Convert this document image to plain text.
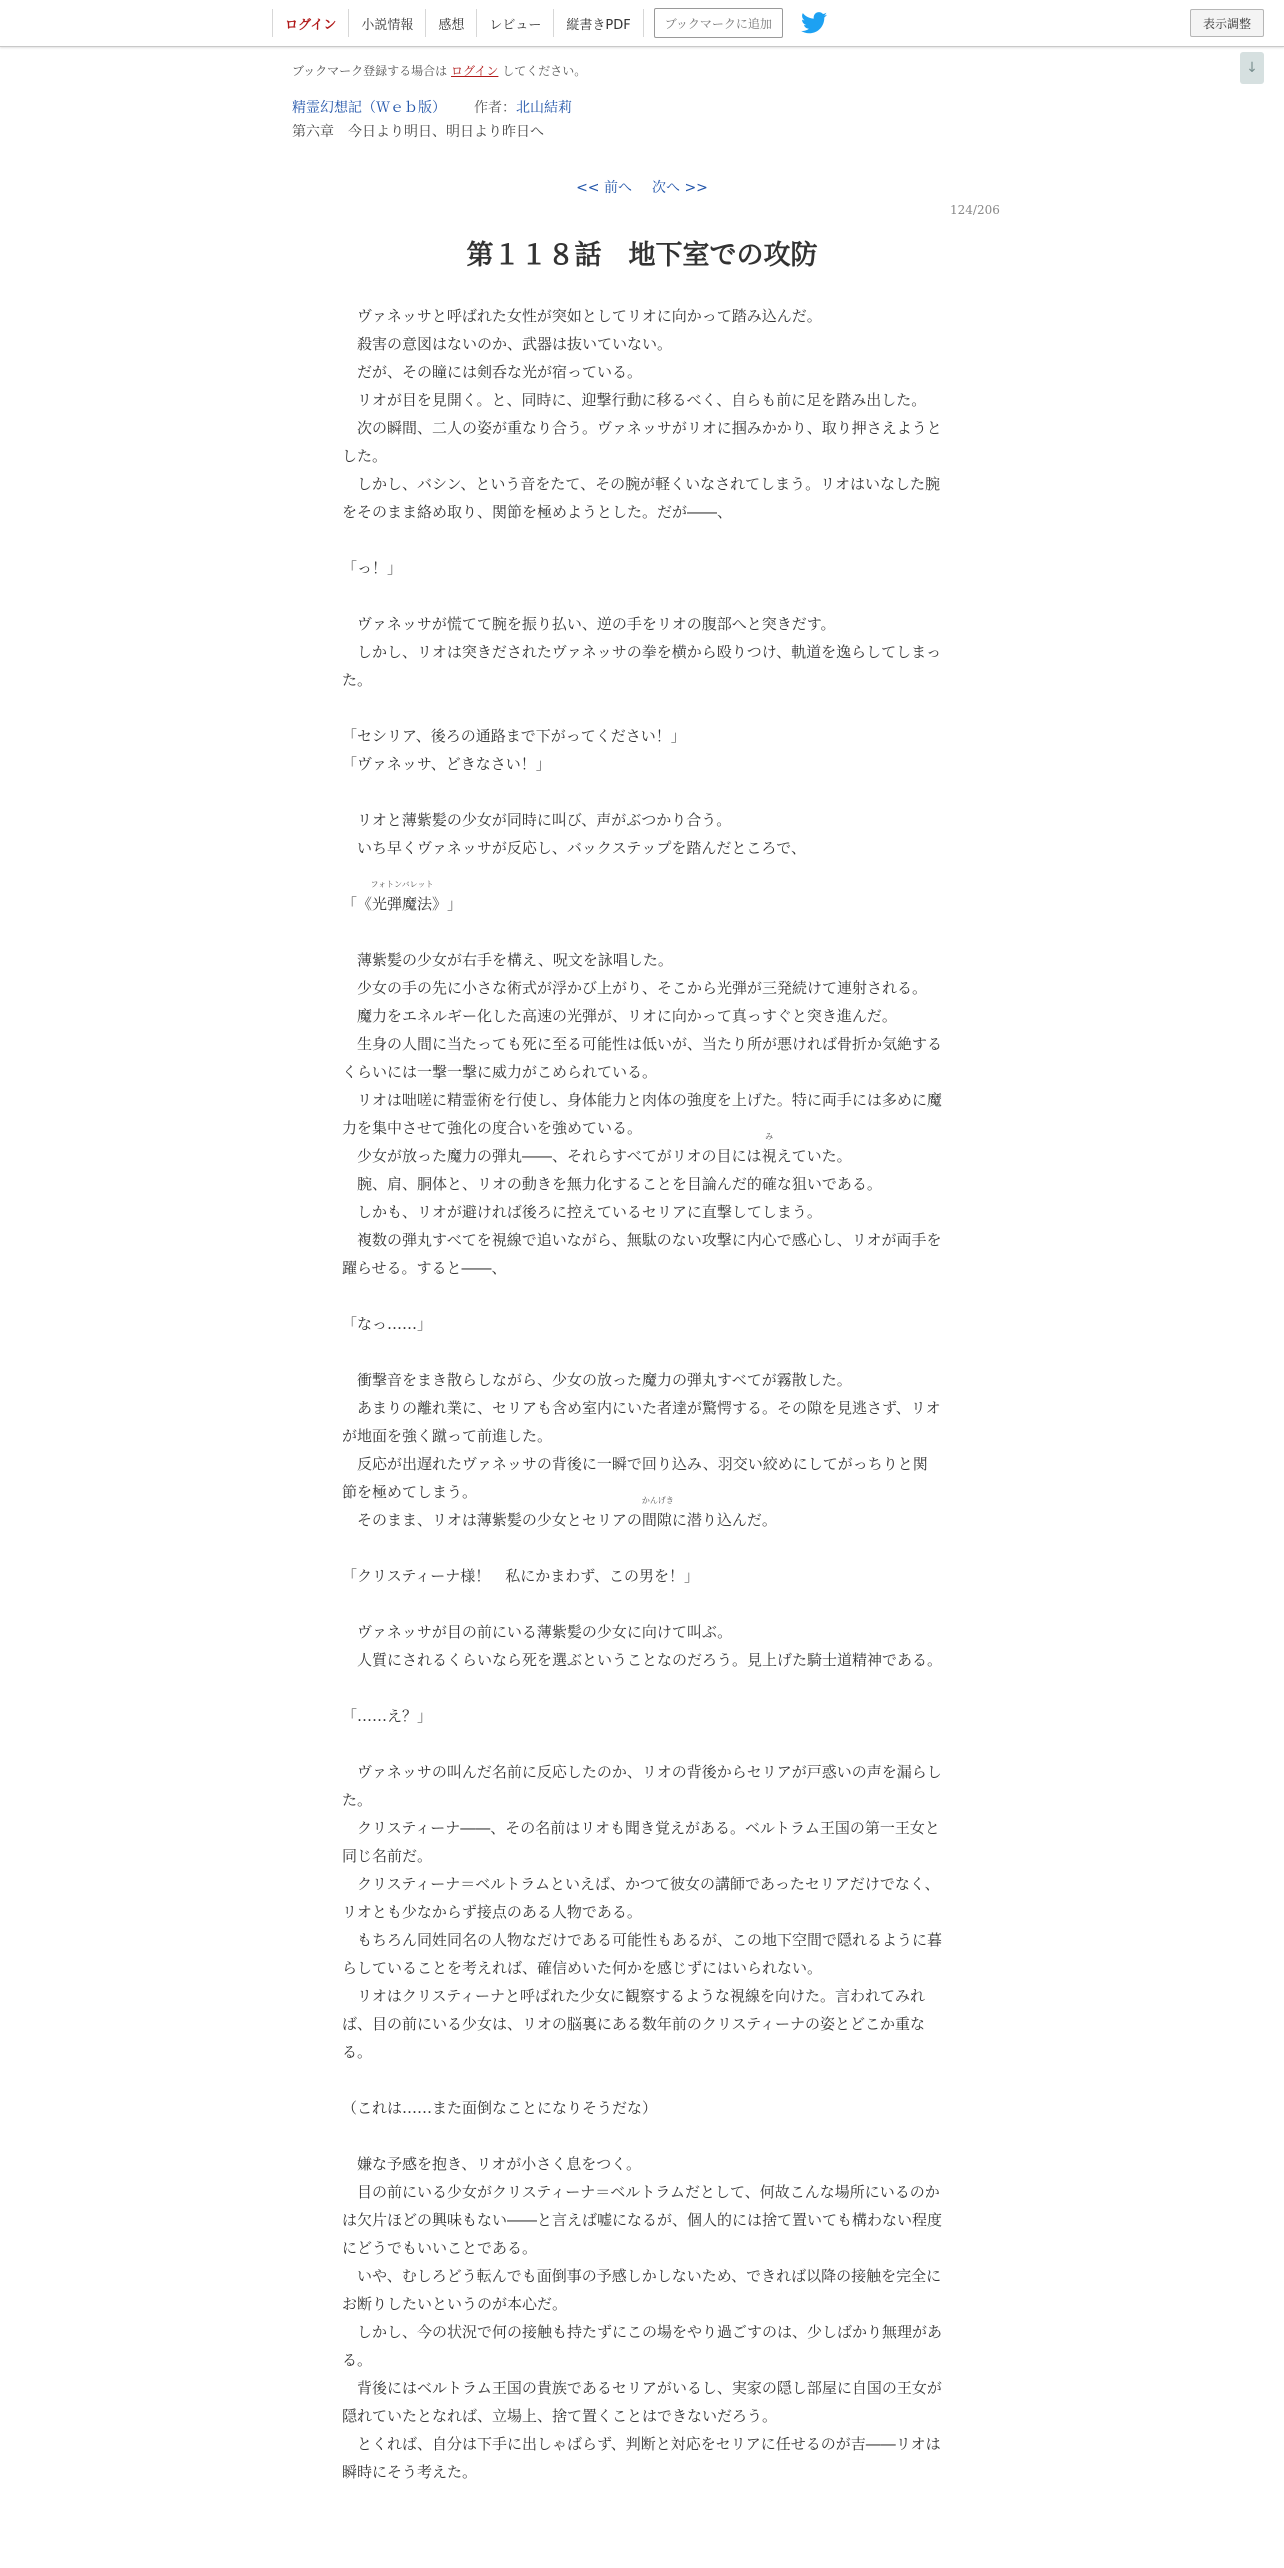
ログイン	小説情報	感想	レビュー	縦書きPDF	ブックマークに追加	表示調整
↓
ブックマーク登録する場合は ログイン してください。
精霊幻想記（Ｗｅｂ版） 作者：北山結莉
第六章　今日より明日、明日より昨日へ
<< 前へ 次へ >>
124/206
第１１８話　地下室での攻防

　ヴァネッサと呼ばれた女性が突如としてリオに向かって踏み込んだ。

　殺害の意図はないのか、武器は抜いていない。

　だが、その瞳には剣呑な光が宿っている。

　リオが目を見開く。と、同時に、迎撃行動に移るべく、自らも前に足を踏み出した。

　次の瞬間、二人の姿が重なり合う。ヴァネッサがリオに掴みかかり、取り押さえようとした。

　しかし、バシン、という音をたて、その腕が軽くいなされてしまう。リオはいなした腕をそのまま絡め取り、関節を極めようとした。だが――、

「っ！」

　ヴァネッサが慌てて腕を振り払い、逆の手をリオの腹部へと突きだす。

　しかし、リオは突きだされたヴァネッサの拳を横から殴りつけ、軌道を逸らしてしまった。

「セシリア、後ろの通路まで下がってください！」

「ヴァネッサ、どきなさい！」

　リオと薄紫髪の少女が同時に叫び、声がぶつかり合う。

　いち早くヴァネッサが反応し、バックステップを踏んだところで、

「《光弾魔法》
フォトンバレット
」

　薄紫髪の少女が右手を構え、呪文を詠唱した。

　少女の手の先に小さな術式が浮かび上がり、そこから光弾が三発続けて連射される。

　魔力をエネルギー化した高速の光弾が、リオに向かって真っすぐと突き進んだ。

　生身の人間に当たっても死に至る可能性は低いが、当たり所が悪ければ骨折か気絶するくらいには一撃一撃に威力がこめられている。

　リオは咄嗟に精霊術を行使し、身体能力と肉体の強度を上げた。特に両手には多めに魔力を集中させて強化の度合いを強めている。

　少女が放った魔力の弾丸――、それらすべてがリオの目には視
み
えていた。

　腕、肩、胴体と、リオの動きを無力化することを目論んだ的確な狙いである。

　しかも、リオが避ければ後ろに控えているセリアに直撃してしまう。

　複数の弾丸すべてを視線で追いながら、無駄のない攻撃に内心で感心し、リオが両手を躍らせる。すると――、

「なっ……」

　衝撃音をまき散らしながら、少女の放った魔力の弾丸すべてが霧散した。

　あまりの離れ業に、セリアも含め室内にいた者達が驚愕する。その隙を見逃さず、リオが地面を強く蹴って前進した。

　反応が出遅れたヴァネッサの背後に一瞬で回り込み、羽交い絞めにしてがっちりと関節を極めてしまう。

　そのまま、リオは薄紫髪の少女とセリアの間隙
かんげき
に潜り込んだ。

「クリスティーナ様！　私にかまわず、この男を！」

　ヴァネッサが目の前にいる薄紫髪の少女に向けて叫ぶ。

　人質にされるくらいなら死を選ぶということなのだろう。見上げた騎士道精神である。

「……え？」

　ヴァネッサの叫んだ名前に反応したのか、リオの背後からセリアが戸惑いの声を漏らした。

　クリスティーナ――、その名前はリオも聞き覚えがある。ベルトラム王国の第一王女と同じ名前だ。

　クリスティーナ＝ベルトラムといえば、かつて彼女の講師であったセリアだけでなく、リオとも少なからず接点のある人物である。

　もちろん同姓同名の人物なだけである可能性もあるが、この地下空間で隠れるように暮らしていることを考えれば、確信めいた何かを感じずにはいられない。

　リオはクリスティーナと呼ばれた少女に観察するような視線を向けた。言われてみれば、目の前にいる少女は、リオの脳裏にある数年前のクリスティーナの姿とどこか重なる。

（これは……また面倒なことになりそうだな）

　嫌な予感を抱き、リオが小さく息をつく。

　目の前にいる少女がクリスティーナ＝ベルトラムだとして、何故こんな場所にいるのかは欠片ほどの興味もない――と言えば嘘になるが、個人的には捨て置いても構わない程度にどうでもいいことである。

　いや、むしろどう転んでも面倒事の予感しかしないため、できれば以降の接触を完全にお断りしたいというのが本心だ。

　しかし、今の状況で何の接触も持たずにこの場をやり過ごすのは、少しばかり無理がある。

　背後にはベルトラム王国の貴族であるセリアがいるし、実家の隠し部屋に自国の王女が隠れていたとなれば、立場上、捨て置くことはできないだろう。

　とくれば、自分は下手に出しゃばらず、判断と対応をセリアに任せるのが吉――リオは瞬時にそう考えた。
